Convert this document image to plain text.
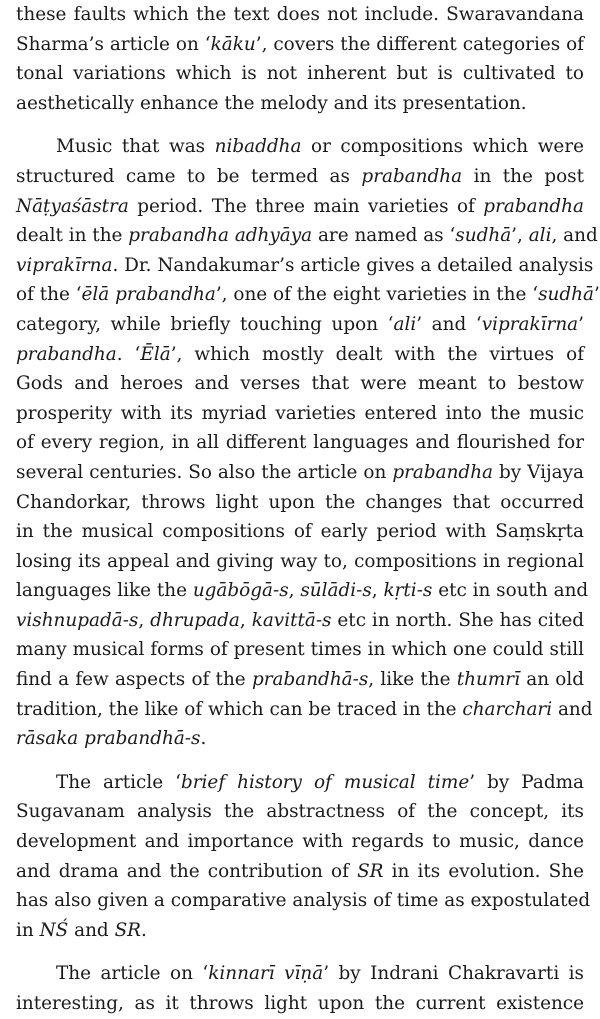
these faults which the text does not include. Swaravandana
Sharma’s article on ‘kāku’, covers the different categories of
tonal variations which is not inherent but is cultivated to
aesthetically enhance the melody and its presentation.

Music that was nibaddha or compositions which were
structured came to be termed as prabandha in the post
Nāṭyaśāstra period. The three main varieties of prabandha
dealt in the prabandha adhyāya are named as ‘sudhā’, ali, and
viprakīrna. Dr. Nandakumar’s article gives a detailed analysis
of the ‘ēlā prabandha’, one of the eight varieties in the ‘sudhā’
category, while briefly touching upon ‘ali’ and ‘viprakīrna’
prabandha. ‘Ēlā’, which mostly dealt with the virtues of
Gods and heroes and verses that were meant to bestow
prosperity with its myriad varieties entered into the music
of every region, in all different languages and flourished for
several centuries. So also the article on prabandha by Vijaya
Chandorkar, throws light upon the changes that occurred
in the musical compositions of early period with Saṃskṛta
losing its appeal and giving way to, compositions in regional
languages like the ugābōgā-s, sūlādi-s, kṛti-s etc in south and
vishnupadā-s, dhrupada, kavittā-s etc in north. She has cited
many musical forms of present times in which one could still
find a few aspects of the prabandhā-s, like the thumrī an old
tradition, the like of which can be traced in the charchari and
rāsaka prabandhā-s.

The article ‘brief history of musical time’ by Padma
Sugavanam analysis the abstractness of the concept, its
development and importance with regards to music, dance
and drama and the contribution of SR in its evolution. She
has also given a comparative analysis of time as expostulated
in NŚ and SR.

The article on ‘kinnarī vīṇā’ by Indrani Chakravarti is
interesting, as it throws light upon the current existence
